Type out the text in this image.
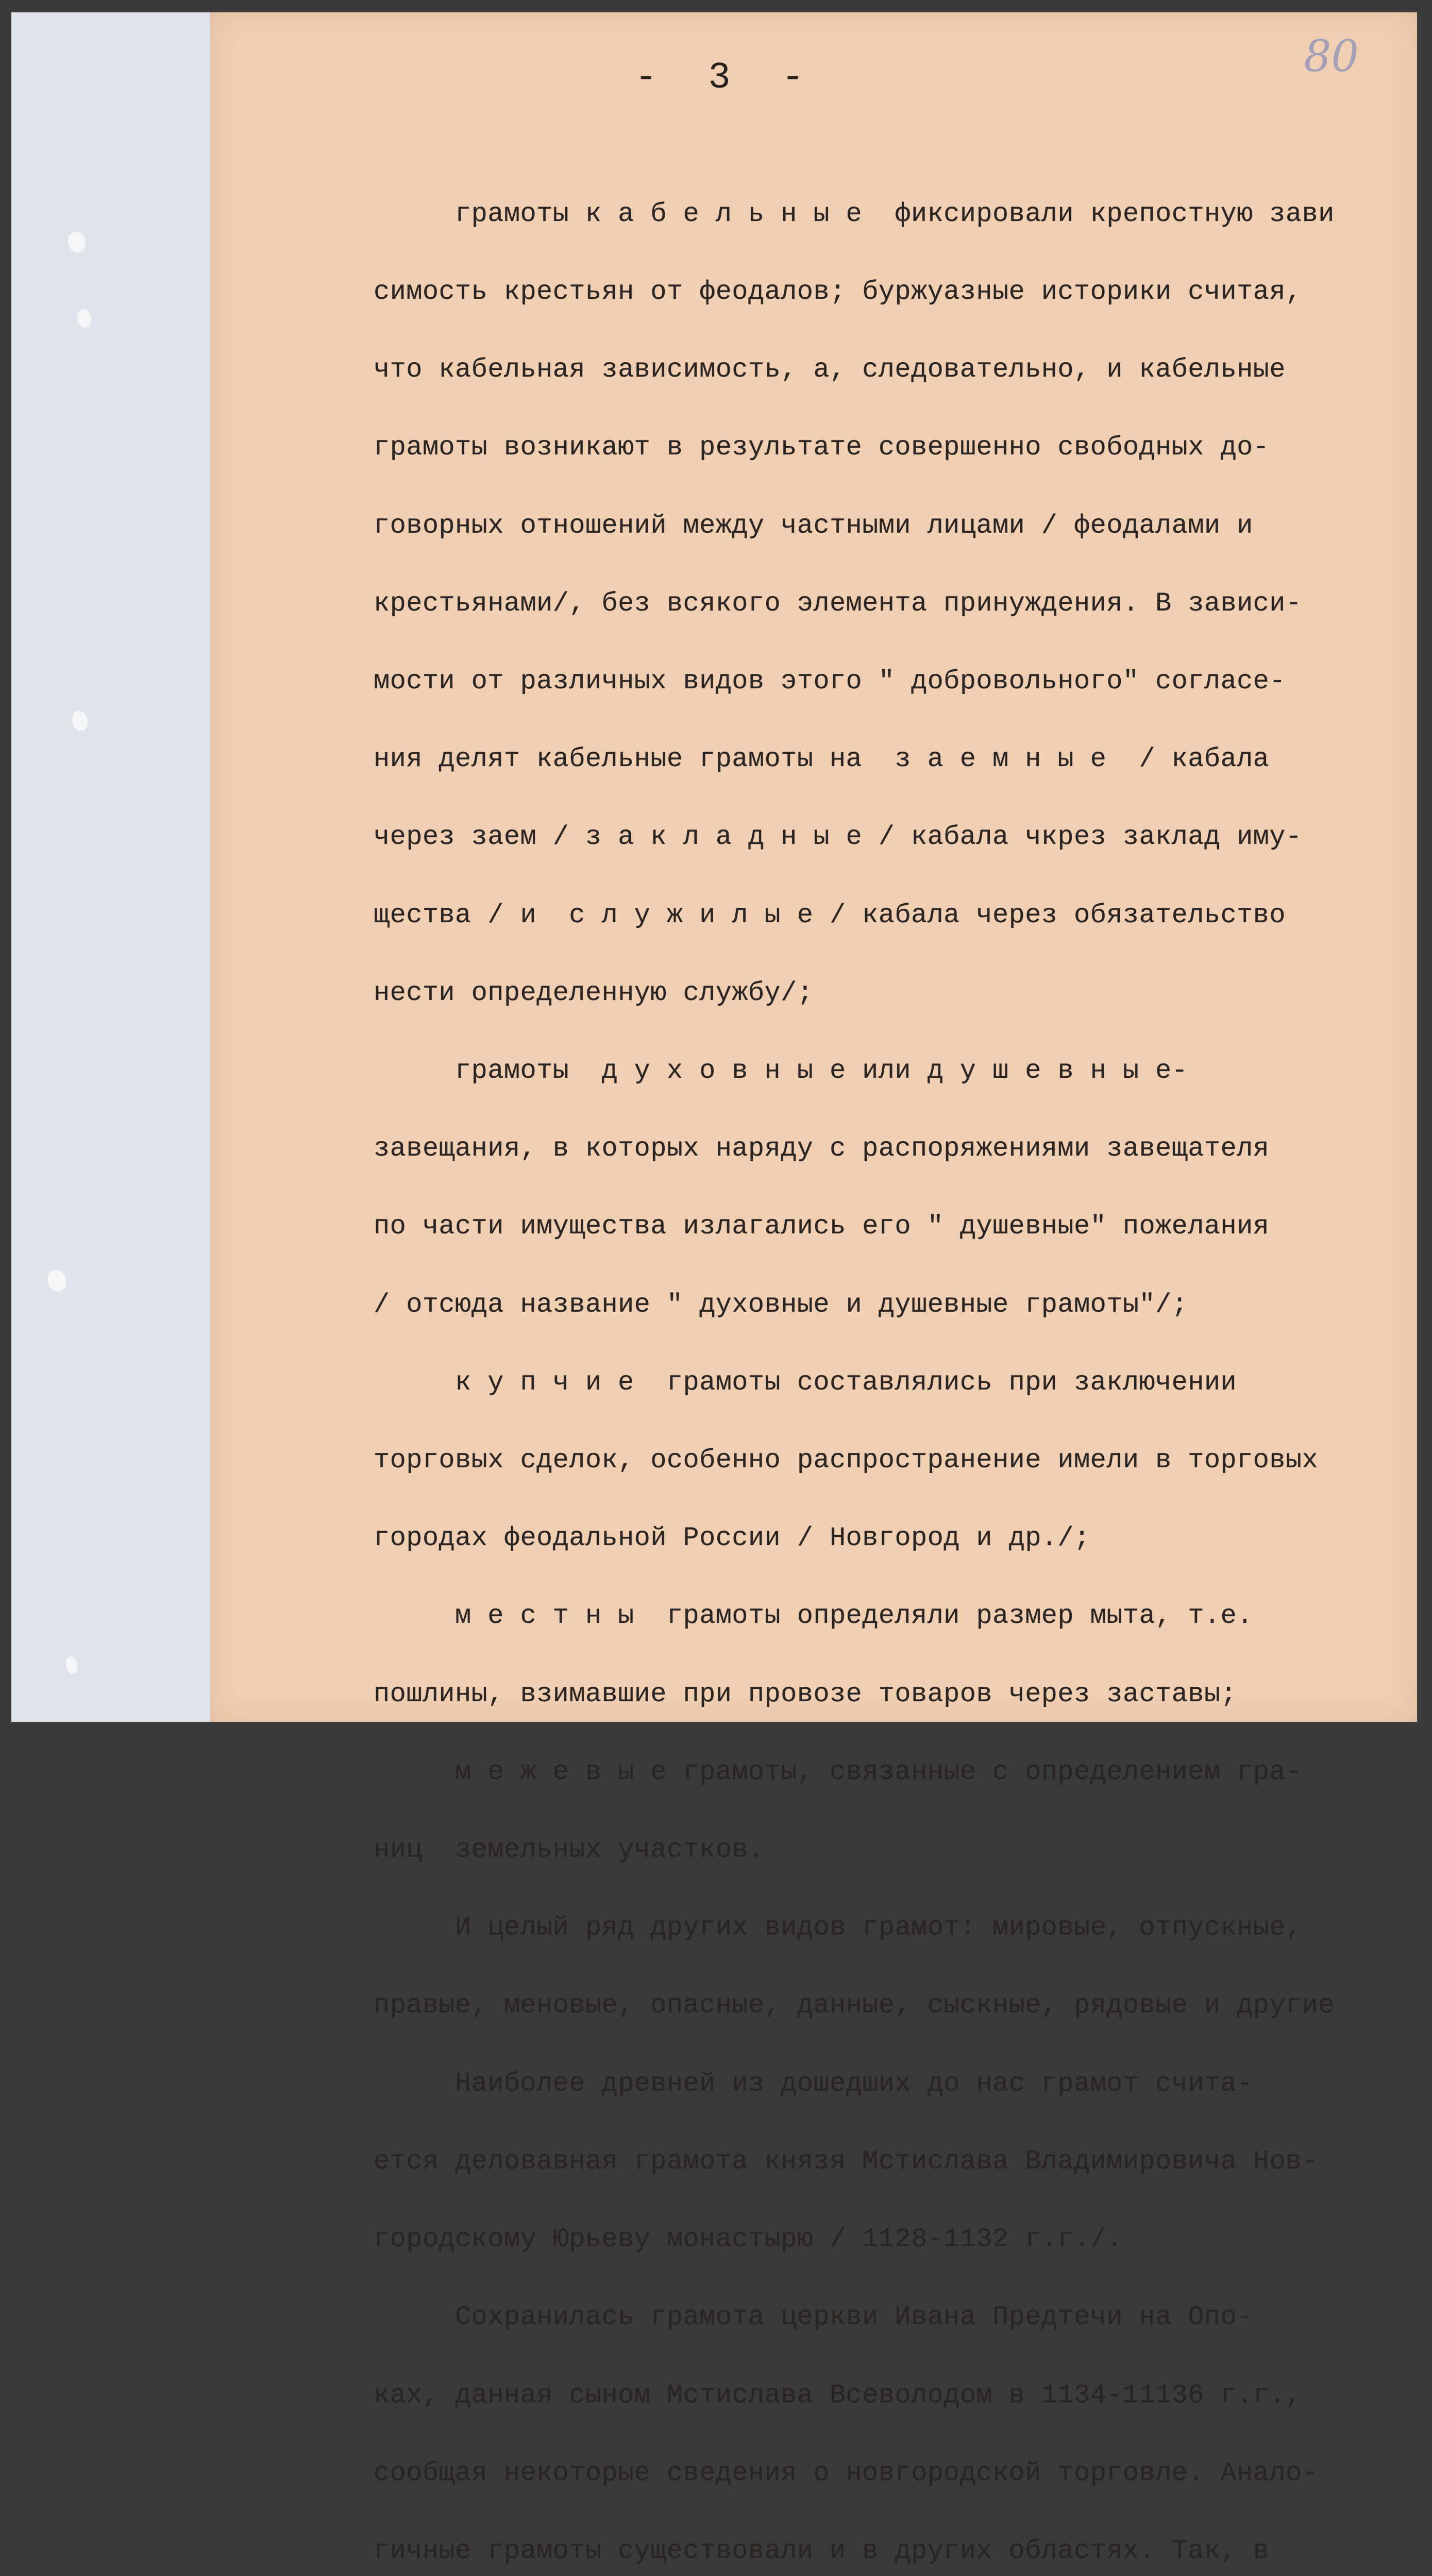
- 3 -	80

грамоты к а б е л ь н ы е  фиксировали крепостную зави

симость крестьян от феодалов; буржуазные историки считая,

что кабельная зависимость, а, следовательно, и кабельные

грамоты возникают в результате совершенно свободных до-

говорных отношений между частными лицами / феодалами и

крестьянами/, без всякого элемента принуждения. В зависи-

мости от различных видов этого " добровольного" согласе-

ния делят кабельные грамоты на  з а е м н ы е  / кабала

через заем / з а к л а д н ы е / кабала чкрез заклад иму-

щества / и  с л у ж и л ы е / кабала через обязательство

нести определенную службу/;

грамоты  д у х о в н ы е или д у ш е в н ы е-

завещания, в которых наряду с распоряжениями завещателя

по части имущества излагались его " душевные" пожелания

/ отсюда название " духовные и душевные грамоты"/;

к у п ч и е  грамоты составлялись при заключении

торговых сделок, особенно распространение имели в торговых

городах феодальной России / Новгород и др./;

м е с т н ы  грамоты определяли размер мыта, т.е.

пошлины, взимавшие при провозе товаров через заставы;

м е ж е в ы е грамоты, связанные с определением гра-

ниц  земельных участков.

И целый ряд других видов грамот: мировые, отпускные,

правые, меновые, опасные, данные, сыскные, рядовые и другие

Наиболее древней из дошедших до нас грамот счита-

ется деловавная грамота князя Мстислава Владимировича Нов-

городскому Юрьеву монастырю / 1128-1132 г.г./.

Сохранилась грамота церкви Ивана Предтечи на Опо-

ках, данная сыном Мстислава Всеволодом в 1134-11136 г.г.,

сообщая некоторые сведения о новгородской торговле. Анало-

гичные грамоты существовали и в других областях. Так, в
